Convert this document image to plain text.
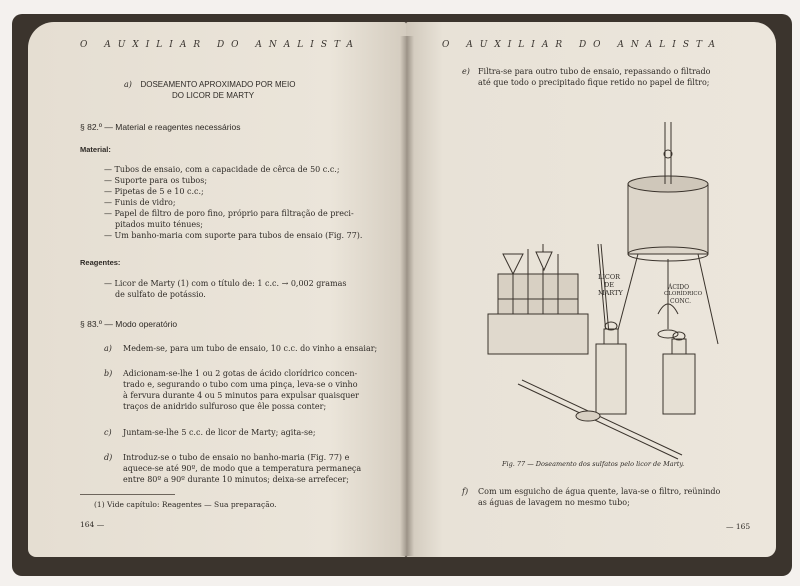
O AUXILIAR DO ANALISTA
a) DOSEAMENTO APROXIMADO POR MEIO
DO LICOR DE MARTY
§ 82.º — Material e reagentes necessários
Material:
— Tubos de ensaio, com a capacidade de cêrca de 50 c.c.;
— Suporte para os tubos;
— Pipetas de 5 e 10 c.c.;
— Funis de vidro;
— Papel de filtro de poro fino, próprio para filtração de preci-
pitados muito ténues;
— Um banho-maria com suporte para tubos de ensaio (Fig. 77).
Reagentes:
— Licor de Marty (1) com o título de: 1 c.c. → 0,002 gramas
de sulfato de potássio.
§ 83.º — Modo operatório
a) Medem-se, para um tubo de ensaio, 10 c.c. do vinho a ensaiar;
b) Adicionam-se-lhe 1 ou 2 gotas de ácido clorídrico concen-
trado e, segurando o tubo com uma pinça, leva-se o vinho
à fervura durante 4 ou 5 minutos para expulsar quaisquer
traços de anidrido sulfuroso que êle possa conter;
c) Juntam-se-lhe 5 c.c. de licor de Marty; agita-se;
d) Introduz-se o tubo de ensaio no banho-maria (Fig. 77) e
aquece-se até 90º, de modo que a temperatura permaneça
entre 80º a 90º durante 10 minutos; deixa-se arrefecer;
(1) Vide capítulo: Reagentes — Sua preparação.
164 —
O AUXILIAR DO ANALISTA
e) Filtra-se para outro tubo de ensaio, repassando o filtrado
até que todo o precipitado fique retido no papel de filtro;
LICOR
DE
MARTY
ÁCIDO
CLORÍDRICO
CONC.
Fig. 77 — Doseamento dos sulfatos pelo licor de Marty.
f) Com um esguicho de água quente, lava-se o filtro, reünindo
as águas de lavagem no mesmo tubo;
— 165
